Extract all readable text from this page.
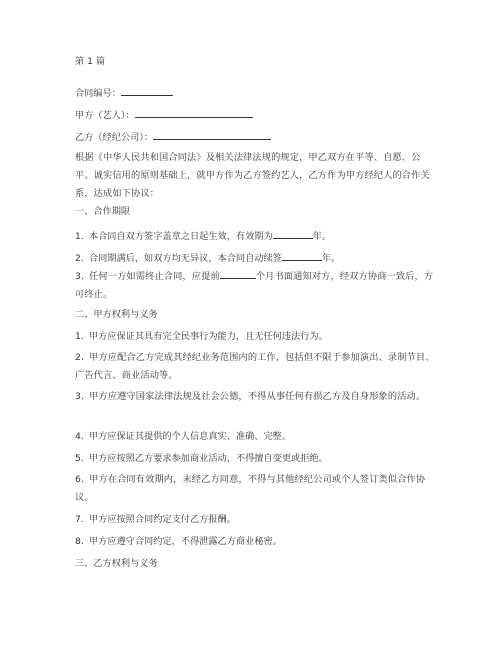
第 1 篇
合同编号：
甲方（艺人）：
乙方（经纪公司）：
根据《中华人民共和国合同法》及相关法律法规的规定，甲乙双方在平等、自愿、公平、诚实信用的原则基础上，就甲方作为乙方签约艺人，乙方作为甲方经纪人的合作关系，达成如下协议：
一、合作期限
1. 本合同自双方签字盖章之日起生效，有效期为	年。
2. 合同期满后，如双方均无异议，本合同自动续签	年。
3. 任何一方如需终止合同，应提前	个月书面通知对方，经双方协商一致后，方可终止。
二、甲方权利与义务
1. 甲方应保证其具有完全民事行为能力，且无任何违法行为。
2. 甲方应配合乙方完成其经纪业务范围内的工作，包括但不限于参加演出、录制节目、广告代言、商业活动等。
3. 甲方应遵守国家法律法规及社会公德，不得从事任何有损乙方及自身形象的活动。
4. 甲方应保证其提供的个人信息真实、准确、完整。
5. 甲方应按照乙方要求参加商业活动，不得擅自变更或拒绝。
6. 甲方在合同有效期内，未经乙方同意，不得与其他经纪公司或个人签订类似合作协议。
7. 甲方应按照合同约定支付乙方报酬。
8. 甲方应遵守合同约定，不得泄露乙方商业秘密。
三、乙方权利与义务
